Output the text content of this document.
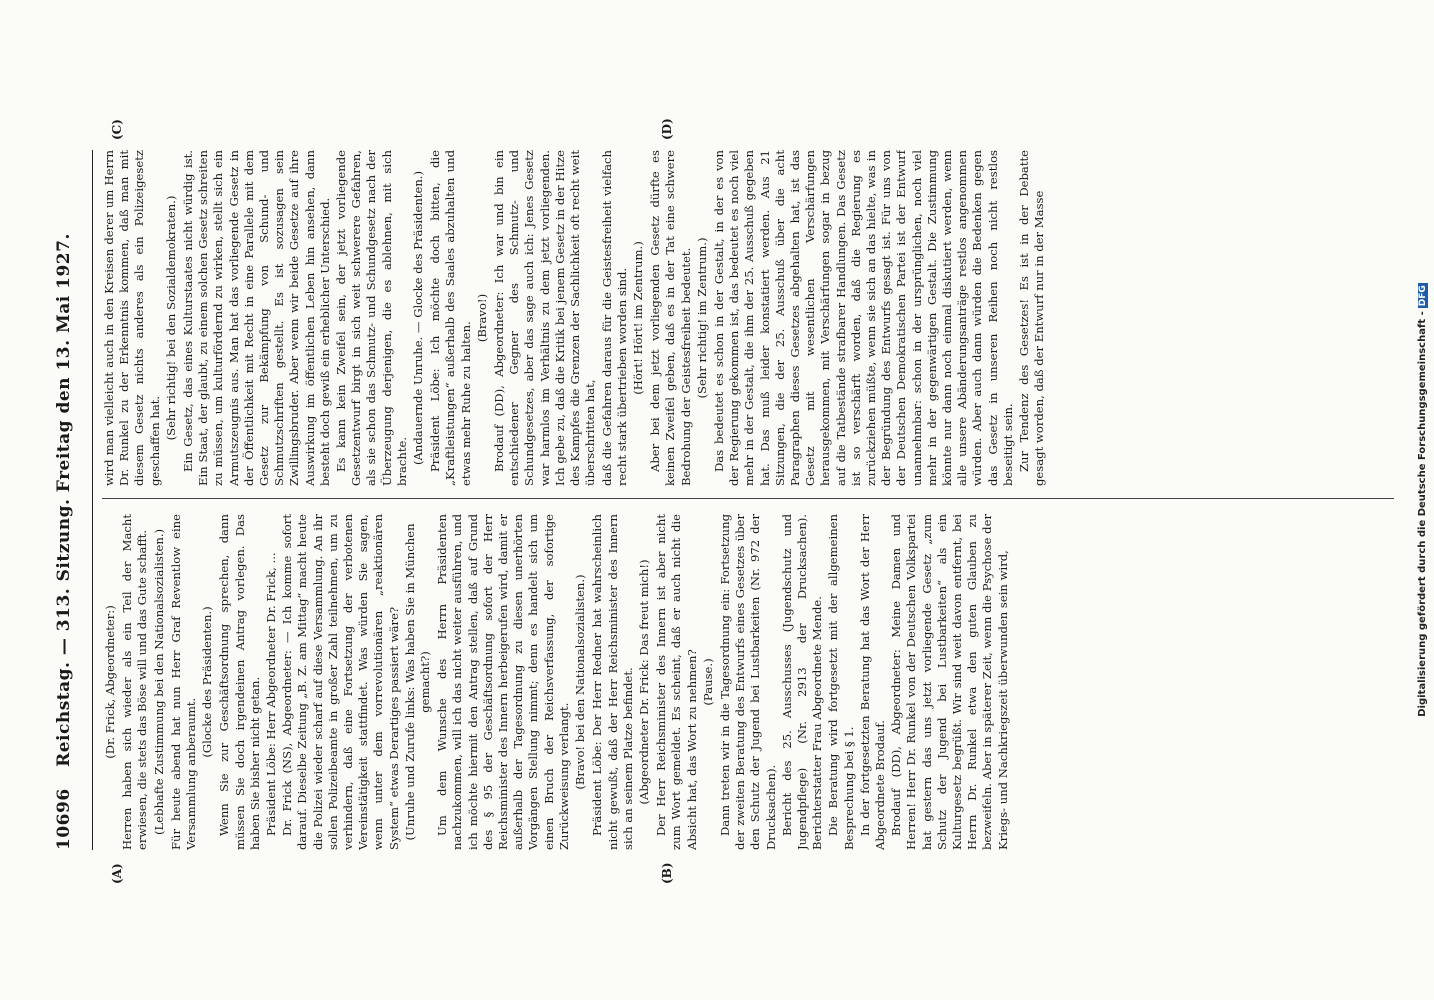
10696
Reichstag. — 313. Sitzung. Freitag den 13. Mai 1927.	(Dr. Frick, Abgeordneter:) Herren haben sich wieder als ein Teil der Macht erwiesen, die stets das Böse will und das Gute schafft. (Lebhafte Zustimmung bei den Nationalsozialisten.) Für heute abend hat nun Herr Graf Reventlow eine Versammlung anberaumt.

(Glocke des Präsidenten.) Wenn Sie zur Geschäftsordnung sprechen, dann müssen Sie doch irgendeinen Antrag vorlegen. Das haben Sie bisher nicht getan. Präsident Löbe: Herr Abgeordneter Dr. Frick, ... Dr. Frick (NS), Abgeordneter: — Ich komme sofort darauf. Dieselbe Zeitung „B. Z. am Mittag“ macht heute die Polizei wieder scharf auf diese Versammlung. An ihr sollen Polizeibeamte in großer Zahl teilnehmen, um zu verhindern, daß eine Fortsetzung der verbotenen Vereinstätigkeit stattfindet. Was würden Sie sagen, wenn unter dem vorrevolutionären „reaktionären System“ etwas Derartiges passiert wäre? (Unruhe und Zurufe links: Was haben Sie in München gemacht?) Um dem Wunsche des Herrn Präsidenten nachzukommen, will ich das nicht weiter ausführen, und ich möchte hiermit den Antrag stellen, daß auf Grund des § 95 der Geschäftsordnung sofort der Herr Reichsminister des Innern herbeigerufen wird, damit er außerhalb der Tagesordnung zu diesen unerhörten Vorgängen Stellung nimmt; denn es handelt sich um einen Bruch der Reichsverfassung, der sofortige Zurückweisung verlangt. (Bravo! bei den Nationalsozialisten.) Präsident Löbe: Der Herr Redner hat wahrscheinlich nicht gewußt, daß der Herr Reichsminister des Innern sich an seinem Platze befindet. (Abgeordneter Dr. Frick: Das freut mich!) Der Herr Reichsminister des Innern ist aber nicht zum Wort gemeldet. Es scheint, daß er auch nicht die Absicht hat, das Wort zu nehmen? (Pause.) Dann treten wir in die Tagesordnung ein: Fortsetzung der zweiten Beratung des Entwurfs eines Gesetzes über den Schutz der Jugend bei Lustbarkeiten (Nr. 972 der Drucksachen). Bericht des 25. Ausschusses (Jugendschutz und Jugendpflege) (Nr. 2913 der Drucksachen). Berichterstatter Frau Abgeordnete Mende. Die Beratung wird fortgesetzt mit der allgemeinen Besprechung bei § 1. In der fortgesetzten Beratung hat das Wort der Herr Abgeordnete Brodauf. Brodauf (DD), Abgeordneter: Meine Damen und Herren! Herr Dr. Runkel von der Deutschen Volkspartei hat gestern das uns jetzt vorliegende Gesetz „zum Schutz der Jugend bei Lustbarkeiten“ als ein Kulturgesetz begrüßt. Wir sind weit davon entfernt, bei Herrn Dr. Runkel etwa den guten Glauben zu bezweifeln. Aber in späterer Zeit, wenn die Psychose der Kriegs- und Nachkriegszeit überwunden sein wird,

wird man vielleicht auch in den Kreisen derer um Herrn Dr. Runkel zu der Erkenntnis kommen, daß man mit diesem Gesetz nichts anderes als ein Polizeigesetz geschaffen hat.

(Sehr richtig! bei den Sozialdemokraten.) Ein Gesetz, das eines Kulturstaates nicht würdig ist. Ein Staat, der glaubt, zu einem solchen Gesetz schreiten zu müssen, um kulturfördernd zu wirken, stellt sich ein Armutszeugnis aus. Man hat das vorliegende Gesetz in der Öffentlichkeit mit Recht in eine Parallele mit dem Gesetz zur Bekämpfung von Schund- und Schmutzschriften gestellt. Es ist sozusagen sein Zwillingsbruder. Aber wenn wir beide Gesetze auf ihre Auswirkung im öffentlichen Leben hin ansehen, dann besteht doch gewiß ein erheblicher Unterschied. Es kann kein Zweifel sein, der jetzt vorliegende Gesetzentwurf birgt in sich weit schwerere Gefahren, als sie schon das Schmutz- und Schundgesetz nach der Überzeugung derjenigen, die es ablehnen, mit sich brachte. (Andauernde Unruhe. — Glocke des Präsidenten.) Präsident Löbe: Ich möchte doch bitten, die „Kraftleistungen“ außerhalb des Saales abzuhalten und etwas mehr Ruhe zu halten.

(Bravo!) Brodauf (DD), Abgeordneter: Ich war und bin ein entschiedener Gegner des Schmutz- und Schundgesetzes, aber das sage auch ich: Jenes Gesetz war harmlos im Verhältnis zu dem jetzt vorliegenden. Ich gebe zu, daß die Kritik bei jenem Gesetz in der Hitze des Kampfes die Grenzen der Sachlichkeit oft recht weit überschritten hat, daß die Gefahren daraus für die Geistesfreiheit vielfach recht stark übertrieben worden sind. (Hört! Hört! im Zentrum.) Aber bei dem jetzt vorliegenden Gesetz dürfte es keinen Zweifel geben, daß es in der Tat eine schwere Bedrohung der Geistesfreiheit bedeutet. (Sehr richtig! im Zentrum.) Das bedeutet es schon in der Gestalt, in der es von der Regierung gekommen ist, das bedeutet es noch viel mehr in der Gestalt, die ihm der 25. Ausschuß gegeben hat. Das muß leider konstatiert werden. Aus 21 Sitzungen, die der 25. Ausschuß über die acht Paragraphen dieses Gesetzes abgehalten hat, ist das Gesetz mit wesentlichen Verschärfungen herausgekommen, mit Verschärfungen sogar in bezug auf die Tatbestände strafbarer Handlungen. Das Gesetz ist so verschärft worden, daß die Regierung es zurückziehen müßte, wenn sie sich an das hielte, was in der Begründung des Entwurfs gesagt ist. Für uns von der Deutschen Demokratischen Partei ist der Entwurf unannehmbar: schon in der ursprünglichen, noch viel mehr in der gegenwärtigen Gestalt. Die Zustimmung könnte nur dann noch einmal diskutiert werden, wenn alle unsere Abänderungsanträge restlos angenommen würden. Aber auch dann würden die Bedenken gegen das Gesetz in unseren Reihen noch nicht restlos beseitigt sein. Zur Tendenz des Gesetzes! Es ist in der Debatte gesagt worden, daß der Entwurf nur in der Masse

(A)	(B)
(C)	(D)
Digitalisierung gefördert durch die Deutsche Forschungsgemeinschaft -DFG
